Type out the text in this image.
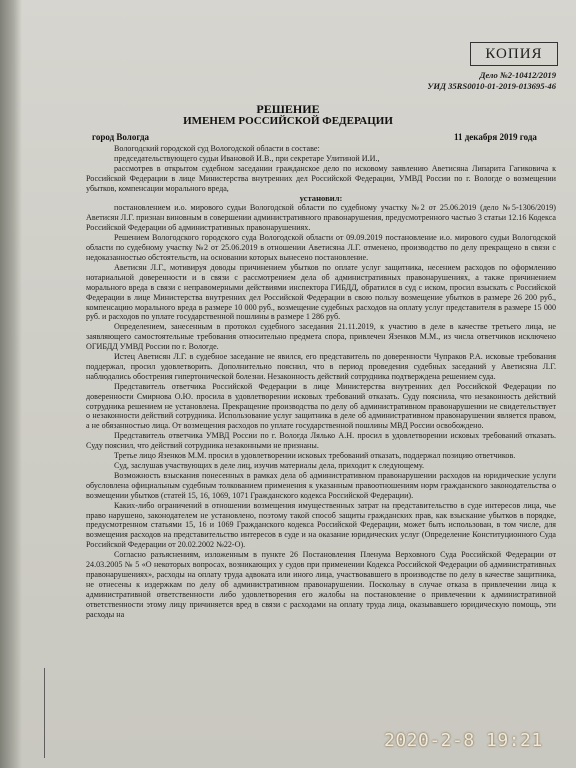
КОПИЯ
Дело №2-10412/2019
УИД 35RS0010-01-2019-013695-46
РЕШЕНИЕ
ИМЕНЕМ РОССИЙСКОЙ ФЕДЕРАЦИИ
город Вологда	11 декабря 2019 года

Вологодский городской суд Вологодской области в составе:

председательствующего судьи Ивановой И.В., при секретаре Улитиной И.И.,

рассмотрев в открытом судебном заседании гражданское дело по исковому заявлению Аветисяна Липарита Гагиковича к Российской Федерации в лице Министерства внутренних дел Российской Федерации, УМВД России по г. Вологде о возмещении убытков, компенсации морального вреда,

установил:

постановлением и.о. мирового судьи Вологодской области по судебному участку №2 от 25.06.2019 (дело №5-1306/2019) Аветисян Л.Г. признан виновным в совершении административного правонарушения, предусмотренного частью 3 статьи 12.16 Кодекса Российской Федерации об административных правонарушениях.

Решением Вологодского городского суда Вологодской области от 09.09.2019 постановление и.о. мирового судьи Вологодской области по судебному участку №2 от 25.06.2019 в отношении Аветисяна Л.Г. отменено, производство по делу прекращено в связи с недоказанностью обстоятельств, на основании которых вынесено постановление.

Аветисян Л.Г., мотивируя доводы причинением убытков по оплате услуг защитника, несением расходов по оформлению нотариальной доверенности и в связи с рассмотрением дела об административных правонарушениях, а также причинением морального вреда в связи с неправомерными действиями инспектора ГИБДД, обратился в суд с иском, просил взыскать с Российской Федерации в лице Министерства внутренних дел Российской Федерации в свою пользу возмещение убытков в размере 26 200 руб., компенсацию морального вреда в размере 10 000 руб., возмещение судебных расходов на оплату услуг представителя в размере 15 000 руб. и расходов по уплате государственной пошлины в размере 1 286 руб.

Определением, занесенным в протокол судебного заседания 21.11.2019, к участию в деле в качестве третьего лица, не заявляющего самостоятельные требования относительно предмета спора, привлечен Язенков М.М., из числа ответчиков исключено ОГИБДД УМВД России по г. Вологде.

Истец Аветисян Л.Г. в судебное заседание не явился, его представитель по доверенности Чупраков Р.А. исковые требования поддержал, просил удовлетворить. Дополнительно пояснил, что в период проведения судебных заседаний у Аветисяна Л.Г. наблюдались обострения гипертонической болезни. Незаконность действий сотрудника подтверждена решением суда.

Представитель ответчика Российской Федерации в лице Министерства внутренних дел Российской Федерации по доверенности Смирнова О.Ю. просила в удовлетворении исковых требований отказать. Суду пояснила, что незаконность действий сотрудника решением не установлена. Прекращение производства по делу об административном правонарушении не свидетельствует о незаконности действий сотрудника. Использование услуг защитника в деле об административном правонарушении является правом, а не обязанностью лица. От возмещения расходов по уплате государственной пошлины МВД России освобождено.

Представитель ответчика УМВД России по г. Вологда Лялько А.Н. просил в удовлетворении исковых требований отказать. Суду пояснил, что действий сотрудника незаконными не признаны.

Третье лицо Язенков М.М. просил в удовлетворении исковых требований отказать, поддержал позицию ответчиков.

Суд, заслушав участвующих в деле лиц, изучив материалы дела, приходит к следующему.

Возможность взыскания понесенных в рамках дела об административном правонарушении расходов на юридические услуги обусловлена официальным судебным толкованием применения к указанным правоотношениям норм гражданского законодательства о возмещении убытков (статей 15, 16, 1069, 1071 Гражданского кодекса Российской Федерации).

Каких-либо ограничений в отношении возмещения имущественных затрат на представительство в суде интересов лица, чье право нарушено, законодателем не установлено, поэтому такой способ защиты гражданских прав, как взыскание убытков в порядке, предусмотренном статьями 15, 16 и 1069 Гражданского кодекса Российской Федерации, может быть использован, в том числе, для возмещения расходов на представительство интересов в суде и на оказание юридических услуг (Определение Конституционного Суда Российской Федерации от 20.02.2002 №22-О).

Согласно разъяснениям, изложенным в пункте 26 Постановления Пленума Верховного Суда Российской Федерации от 24.03.2005 № 5 «О некоторых вопросах, возникающих у судов при применении Кодекса Российской Федерации об административных правонарушениях», расходы на оплату труда адвоката или иного лица, участвовавшего в производстве по делу в качестве защитника, не отнесены к издержкам по делу об административном правонарушении. Поскольку в случае отказа в привлечении лица к административной ответственности либо удовлетворения его жалобы на постановление о привлечении к административной ответственности этому лицу причиняется вред в связи с расходами на оплату труда лица, оказывавшего юридическую помощь, эти расходы на

2020-2-8 19:21
